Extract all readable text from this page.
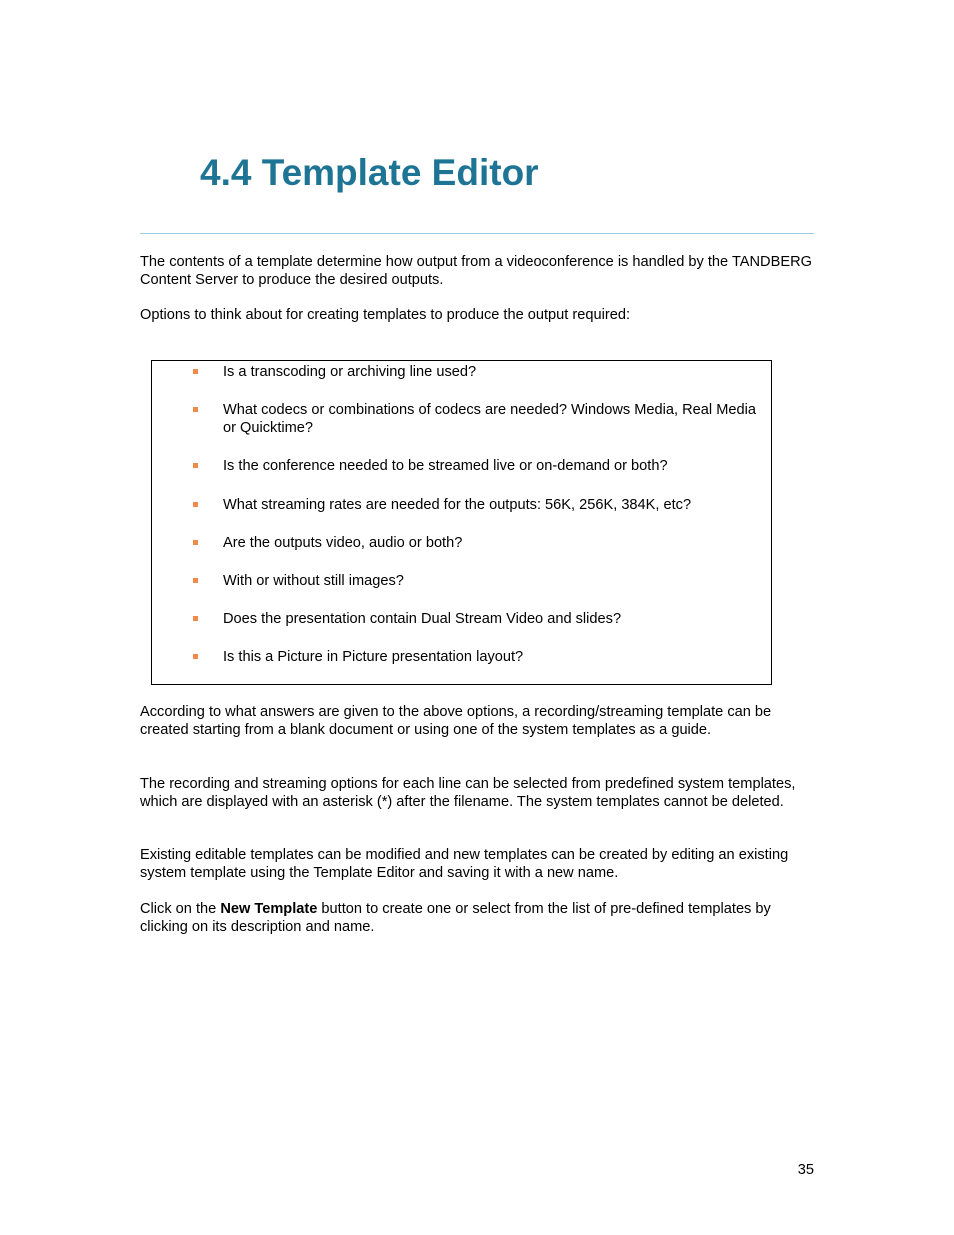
4.4 Template Editor

The contents of a template determine how output from a videoconference is handled by the TANDBERG Content Server to produce the desired outputs.

Options to think about for creating templates to produce the output required:

Is a transcoding or archiving line used?
What codecs or combinations of codecs are needed? Windows Media, Real Media or Quicktime?
Is the conference needed to be streamed live or on-demand or both?
What streaming rates are needed for the outputs: 56K, 256K, 384K, etc?
Are the outputs video, audio or both?
With or without still images?
Does the presentation contain Dual Stream Video and slides?
Is this a Picture in Picture presentation layout?

According to what answers are given to the above options, a recording/streaming template can be created starting from a blank document or using one of the system templates as a guide.

The recording and streaming options for each line can be selected from predefined system templates, which are displayed with an asterisk (*) after the filename. The system templates cannot be deleted.

Existing editable templates can be modified and new templates can be created by editing an existing system template using the Template Editor and saving it with a new name.

Click on the New Template button to create one or select from the list of pre-defined templates by clicking on its description and name.

35
